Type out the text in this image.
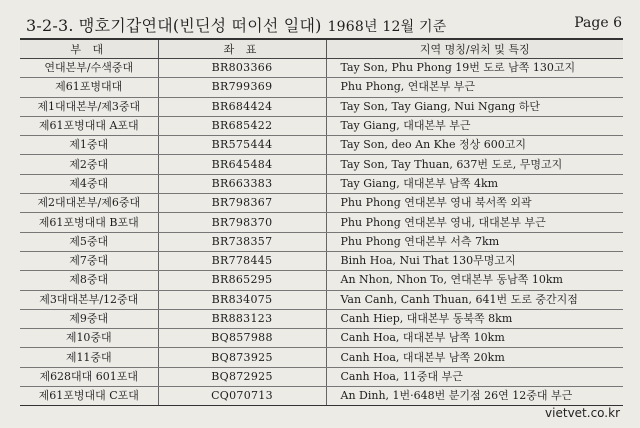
3-2-3. 맹호기갑연대(빈딘성 떠이선 일대) 1968년 12월 기준	Page 6
부 대	좌 표	지역 명칭/위치 및 특징
연대본부/수색중대	BR803366	Tay Son, Phu Phong 19번 도로 남쪽 130고지
제61포병대대	BR799369	Phu Phong, 연대본부 부근
제1대대본부/제3중대	BR684424	Tay Son, Tay Giang, Nui Ngang 하단
제61포병대대 A포대	BR685422	Tay Giang, 대대본부 부근
제1중대	BR575444	Tay Son, deo An Khe 정상 600고지
제2중대	BR645484	Tay Son, Tay Thuan, 637번 도로, 무명고지
제4중대	BR663383	Tay Giang, 대대본부 남쪽 4km
제2대대본부/제6중대	BR798367	Phu Phong 연대본부 영내 북서쪽 외곽
제61포병대대 B포대	BR798370	Phu Phong 연대본부 영내, 대대본부 부근
제5중대	BR738357	Phu Phong 연대본부 서측 7km
제7중대	BR778445	Binh Hoa, Nui That 130무명고지
제8중대	BR865295	An Nhon, Nhon To, 연대본부 동남쪽 10km
제3대대본부/12중대	BR834075	Van Canh, Canh Thuan, 641번 도로 중간지점
제9중대	BR883123	Canh Hiep, 대대본부 동북쪽 8km
제10중대	BQ857988	Canh Hoa, 대대본부 남쪽 10km
제11중대	BQ873925	Canh Hoa, 대대본부 남쪽 20km
제628대대 601포대	BQ872925	Canh Hoa, 11중대 부근
제61포병대대 C포대	CQ070713	An Dinh, 1번·648번 분기점 26연 12중대 부근
vietvet.co.kr
